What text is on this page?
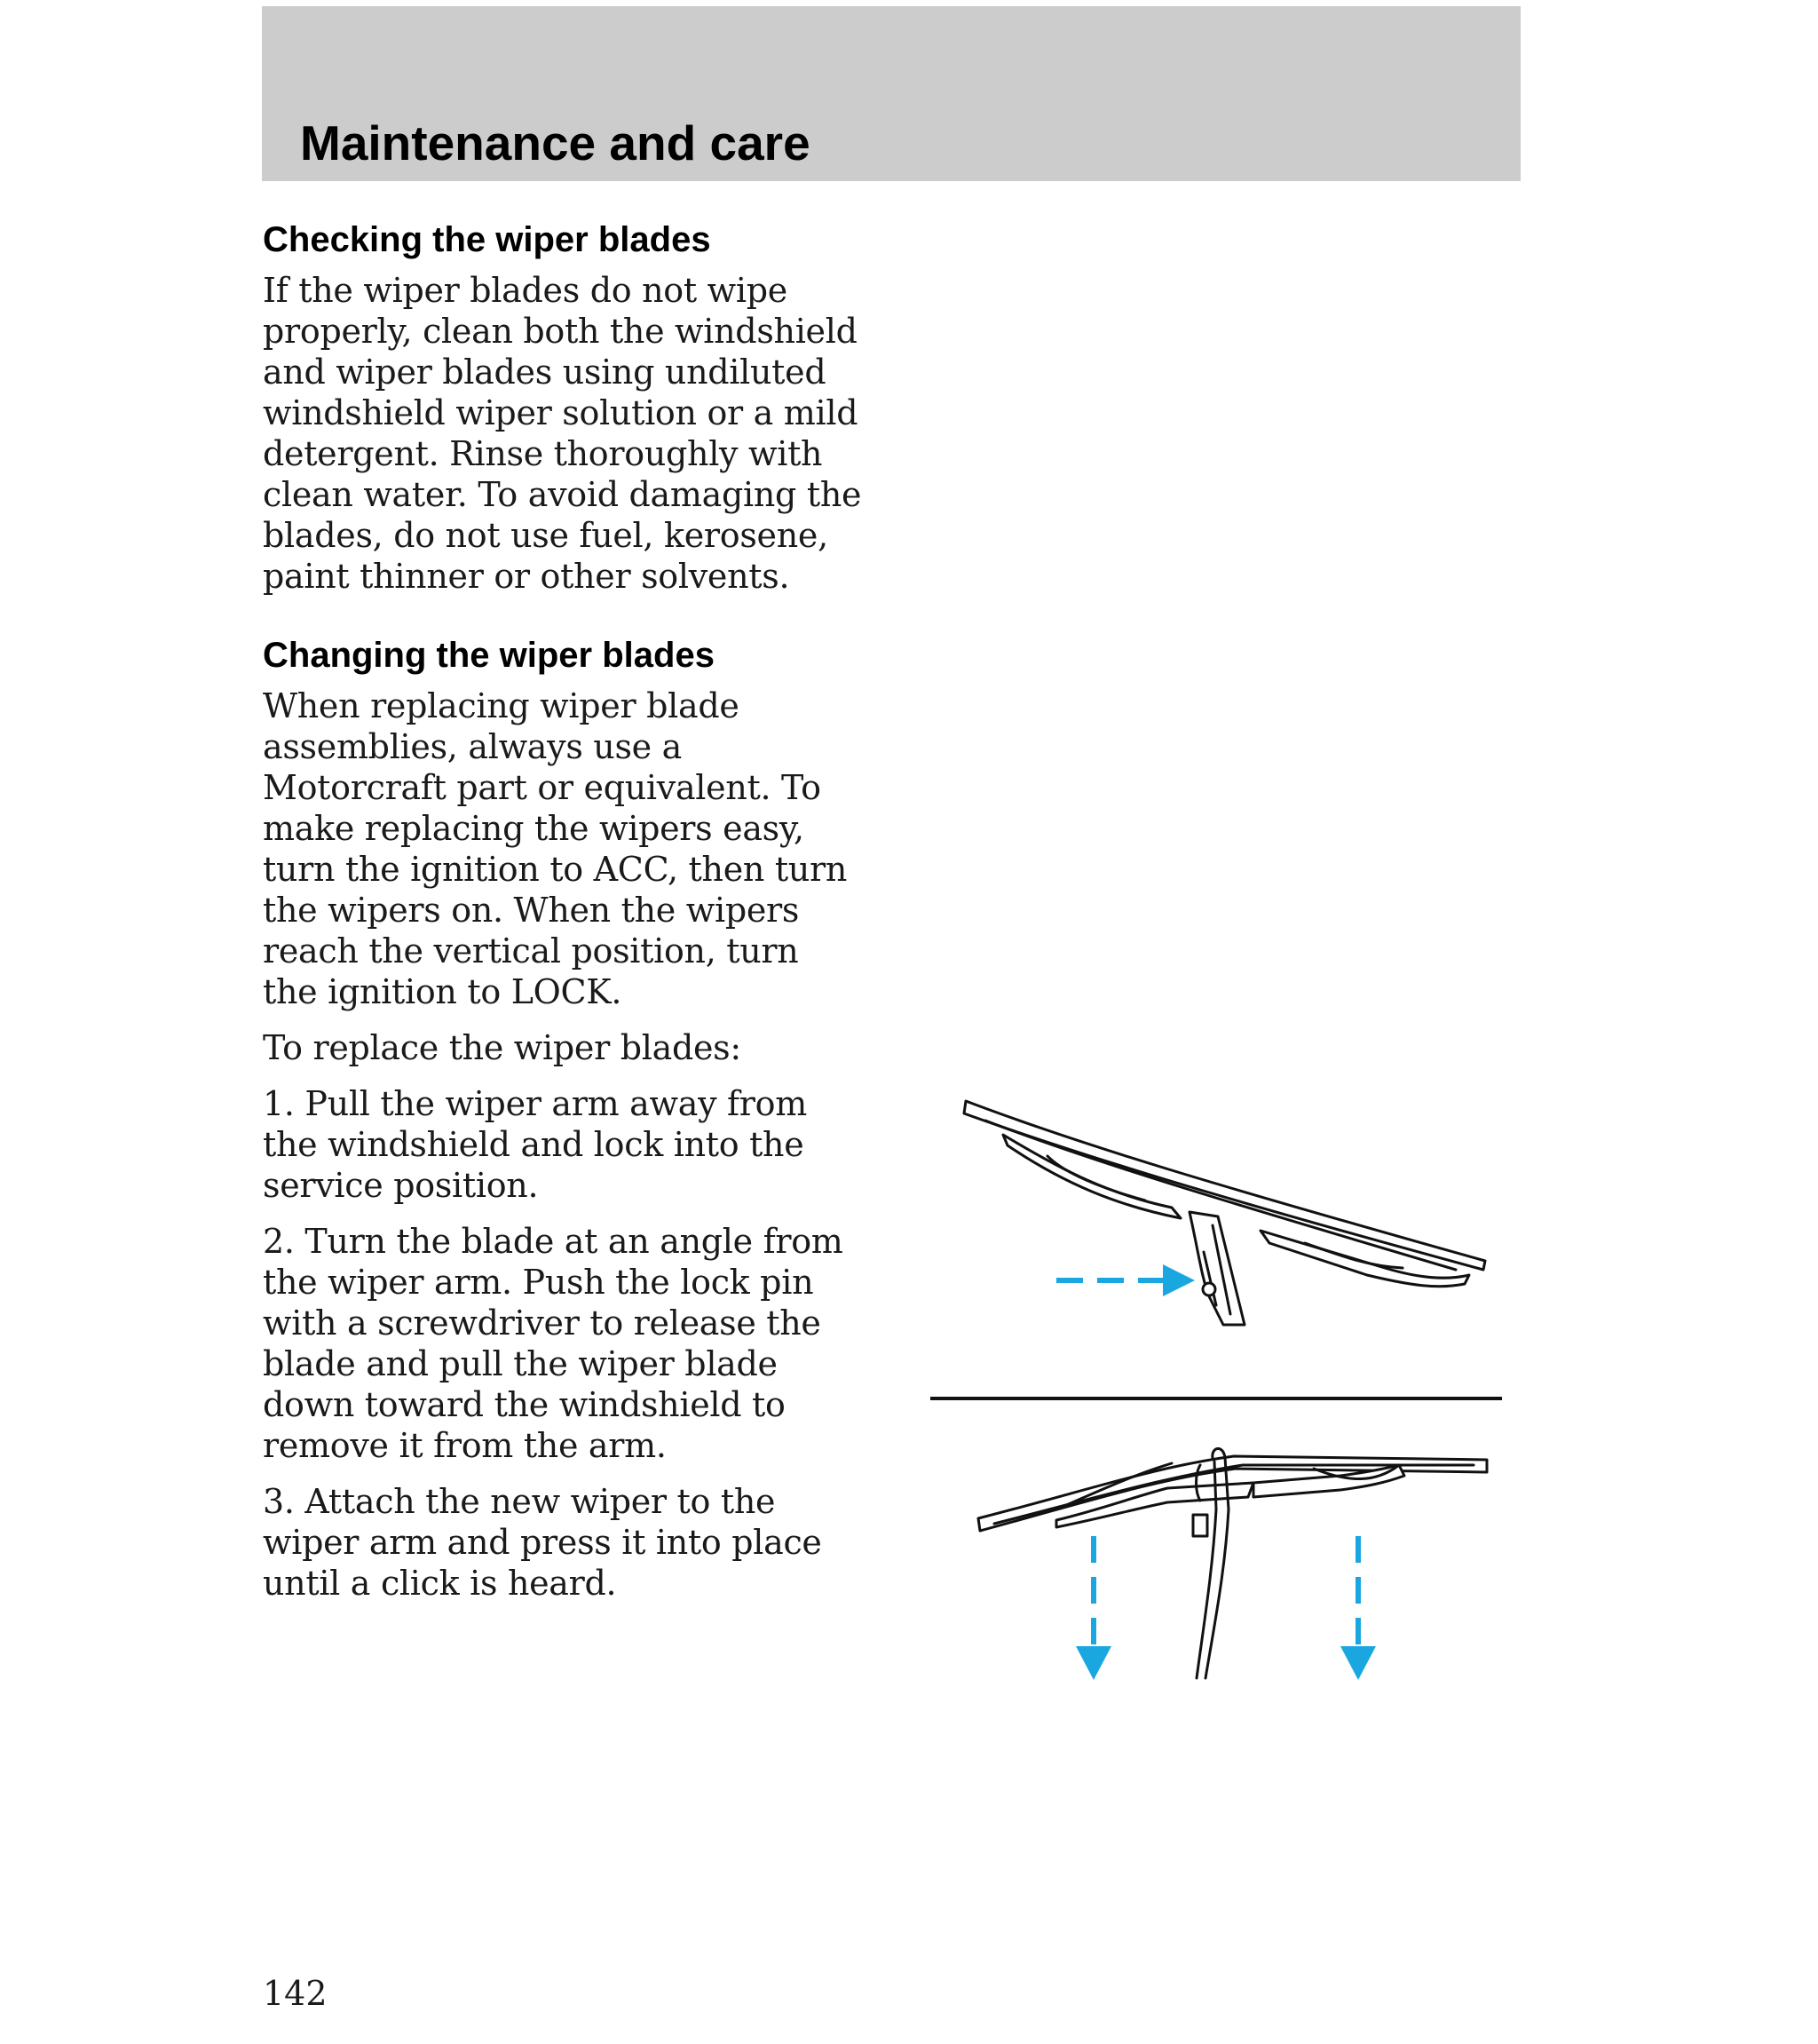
Maintenance and care
Checking the wiper blades

If the wiper blades do not wipe
properly, clean both the windshield
and wiper blades using undiluted
windshield wiper solution or a mild
detergent. Rinse thoroughly with
clean water. To avoid damaging the
blades, do not use fuel, kerosene,
paint thinner or other solvents.

Changing the wiper blades

When replacing wiper blade
assemblies, always use a
Motorcraft part or equivalent. To
make replacing the wipers easy,
turn the ignition to ACC, then turn
the wipers on. When the wipers
reach the vertical position, turn
the ignition to LOCK.

To replace the wiper blades:

1. Pull the wiper arm away from
the windshield and lock into the
service position.

2. Turn the blade at an angle from
the wiper arm. Push the lock pin
with a screwdriver to release the
blade and pull the wiper blade
down toward the windshield to
remove it from the arm.

3. Attach the new wiper to the
wiper arm and press it into place
until a click is heard.

142
